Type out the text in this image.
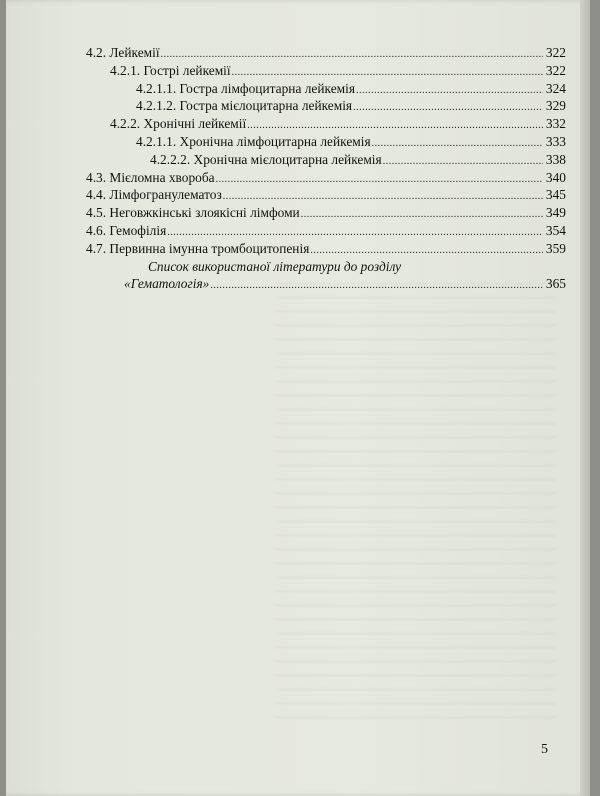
4.2. Лейкемії .....	322
4.2.1. Гострі лейкемії .....	322
4.2.1.1. Гостра лімфоцитарна лейкемія .....	324
4.2.1.2. Гостра мієлоцитарна лейкемія .....	329
4.2.2. Хронічні лейкемії .....	332
4.2.1.1. Хронічна лімфоцитарна лейкемія .....	333
4.2.2.2. Хронічна мієлоцитарна лейкемія .....	338
4.3. Мієломна хвороба .....	340
4.4. Лімфогранулематоз .....	345
4.5. Неговжкінські злоякісні лімфоми .....	349
4.6. Гемофілія .....	354
4.7. Первинна імунна тромбоцитопенія .....	359
Список використаної літератури до розділу
«Гематологія» .....	365
5
